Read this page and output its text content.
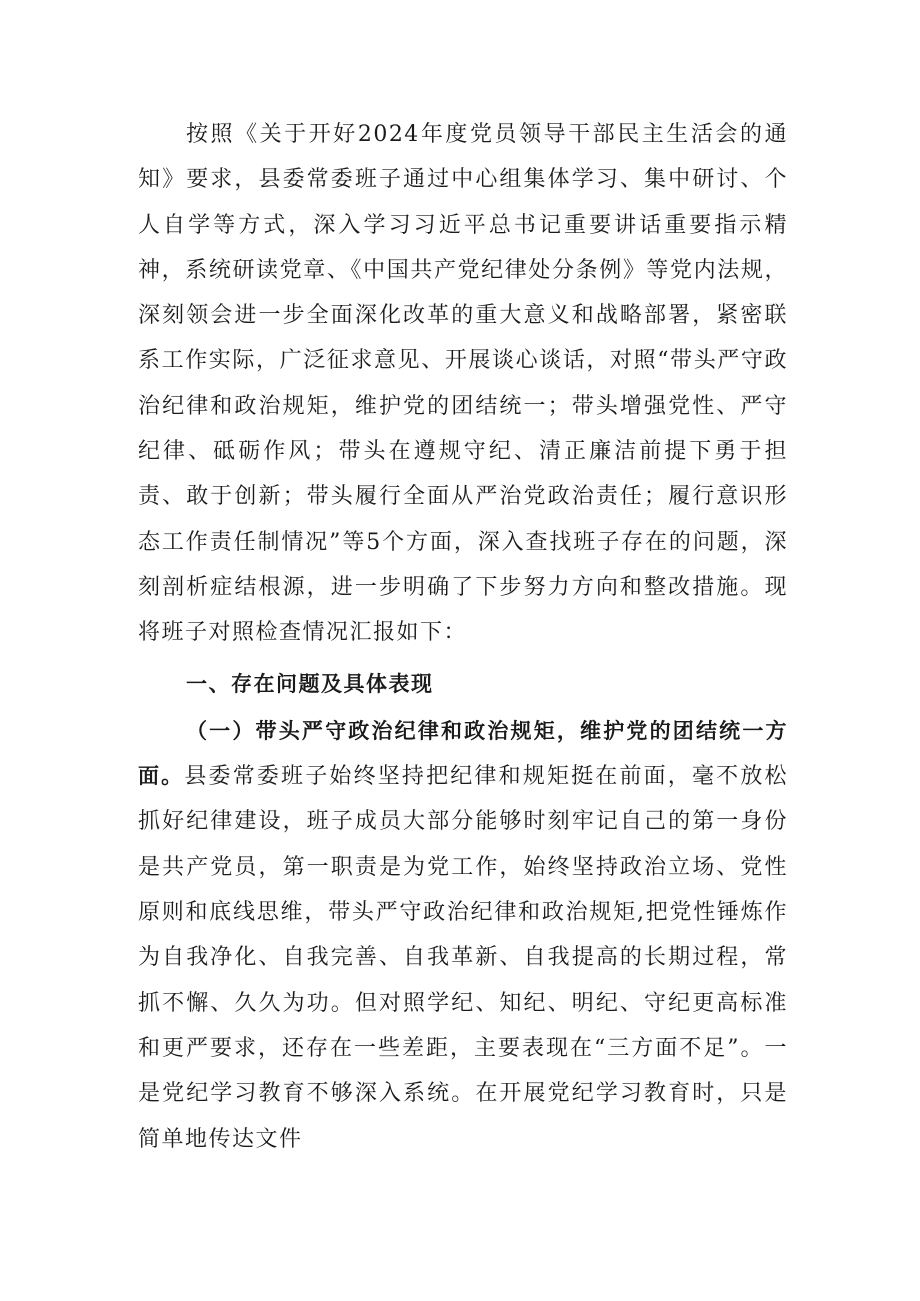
按照《关于开好2024年度党员领导干部民主生活会的通知》要求，县委常委班子通过中心组集体学习、集中研讨、个人自学等方式，深入学习习近平总书记重要讲话重要指示精神，系统研读党章、《中国共产党纪律处分条例》等党内法规，深刻领会进一步全面深化改革的重大意义和战略部署，紧密联系工作实际，广泛征求意见、开展谈心谈话，对照“带头严守政治纪律和政治规矩，维护党的团结统一；带头增强党性、严守纪律、砥砺作风；带头在遵规守纪、清正廉洁前提下勇于担责、敢于创新；带头履行全面从严治党政治责任；履行意识形态工作责任制情况”等5个方面，深入查找班子存在的问题，深刻剖析症结根源，进一步明确了下步努力方向和整改措施。现将班子对照检查情况汇报如下：

一、存在问题及具体表现

（一）带头严守政治纪律和政治规矩，维护党的团结统一方面。县委常委班子始终坚持把纪律和规矩挺在前面，毫不放松抓好纪律建设，班子成员大部分能够时刻牢记自己的第一身份是共产党员，第一职责是为党工作，始终坚持政治立场、党性原则和底线思维，带头严守政治纪律和政治规矩,把党性锤炼作为自我净化、自我完善、自我革新、自我提高的长期过程，常抓不懈、久久为功。但对照学纪、知纪、明纪、守纪更高标准和更严要求，还存在一些差距，主要表现在“三方面不足”。一是党纪学习教育不够深入系统。在开展党纪学习教育时，只是简单地传达文件
